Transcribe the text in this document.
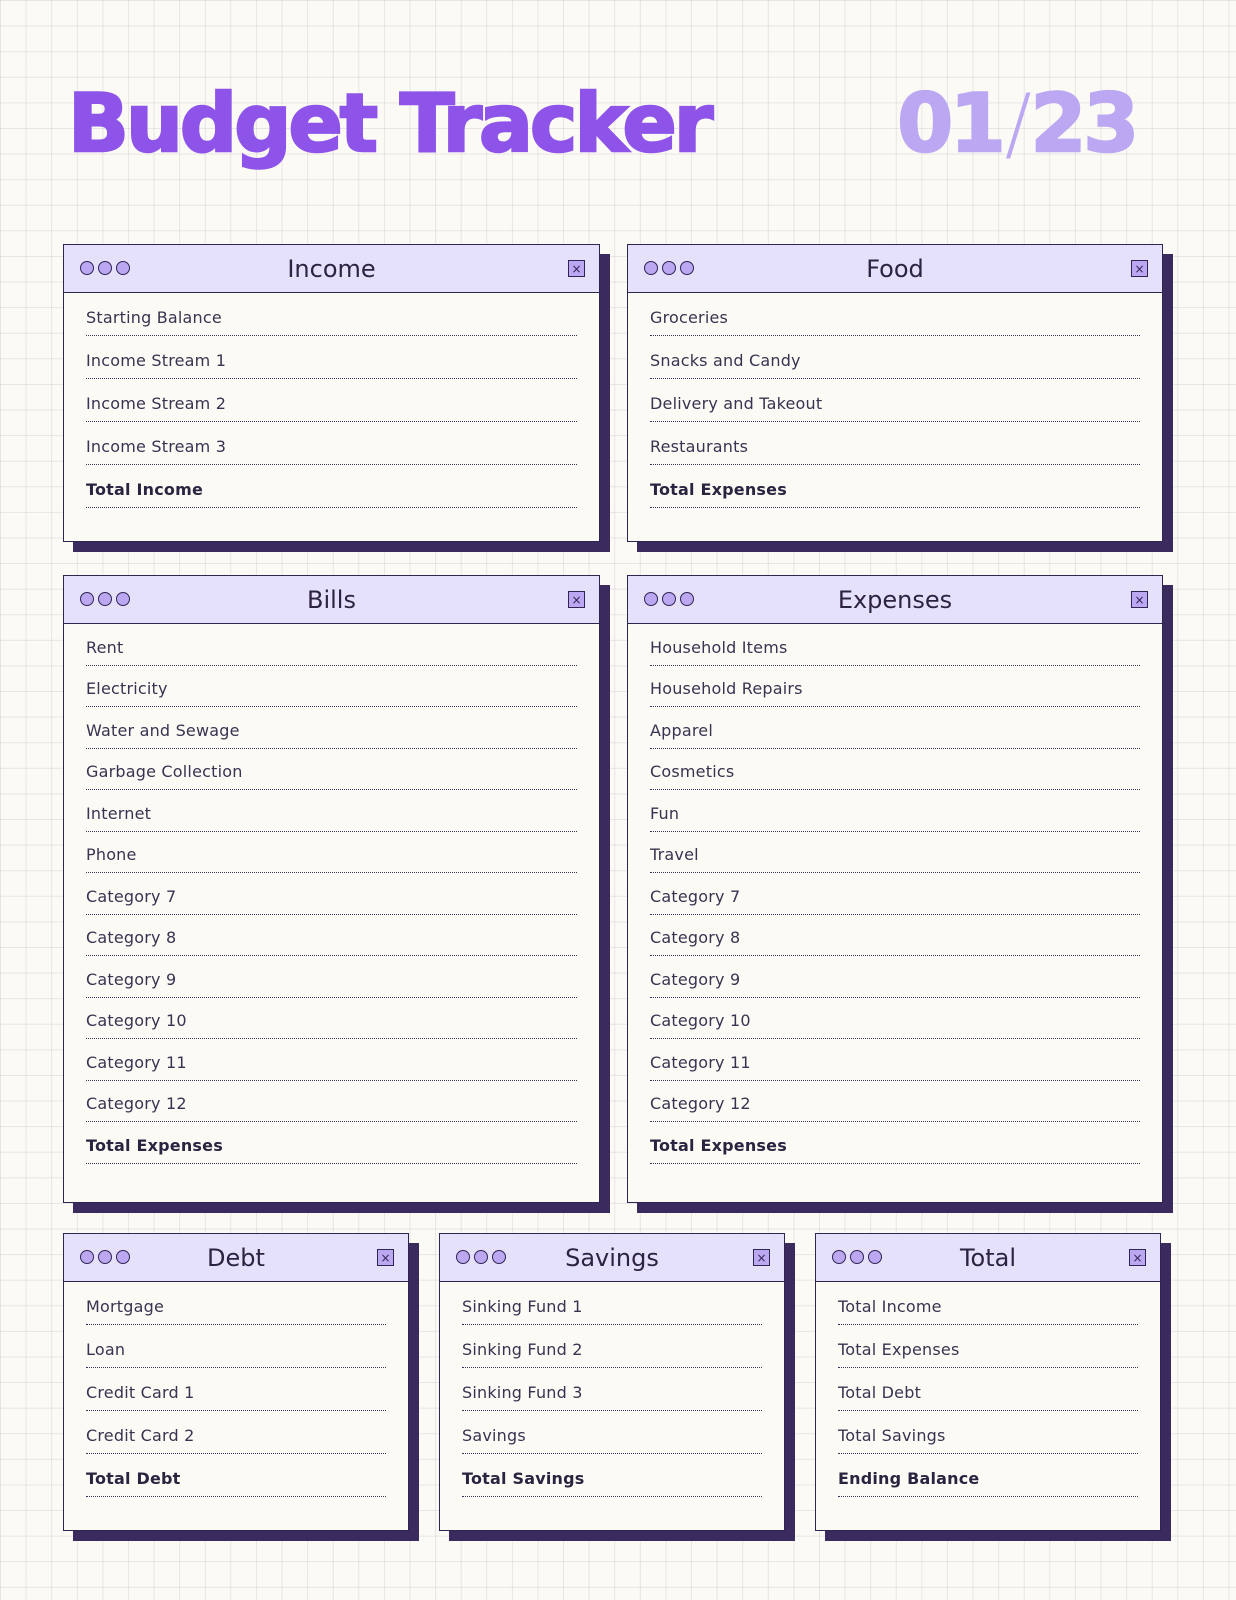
Budget Tracker 01/23
Income	×
Starting Balance
Income Stream 1
Income Stream 2
Income Stream 3
Total Income
Food	×
Groceries
Snacks and Candy
Delivery and Takeout
Restaurants
Total Expenses
Bills	×
Rent
Electricity
Water and Sewage
Garbage Collection
Internet
Phone
Category 7
Category 8
Category 9
Category 10
Category 11
Category 12
Total Expenses
Expenses	×
Household Items
Household Repairs
Apparel
Cosmetics
Fun
Travel
Category 7
Category 8
Category 9
Category 10
Category 11
Category 12
Total Expenses
Debt	×
Mortgage
Loan
Credit Card 1
Credit Card 2
Total Debt
Savings	×
Sinking Fund 1
Sinking Fund 2
Sinking Fund 3
Savings
Total Savings
Total	×
Total Income
Total Expenses
Total Debt
Total Savings
Ending Balance
